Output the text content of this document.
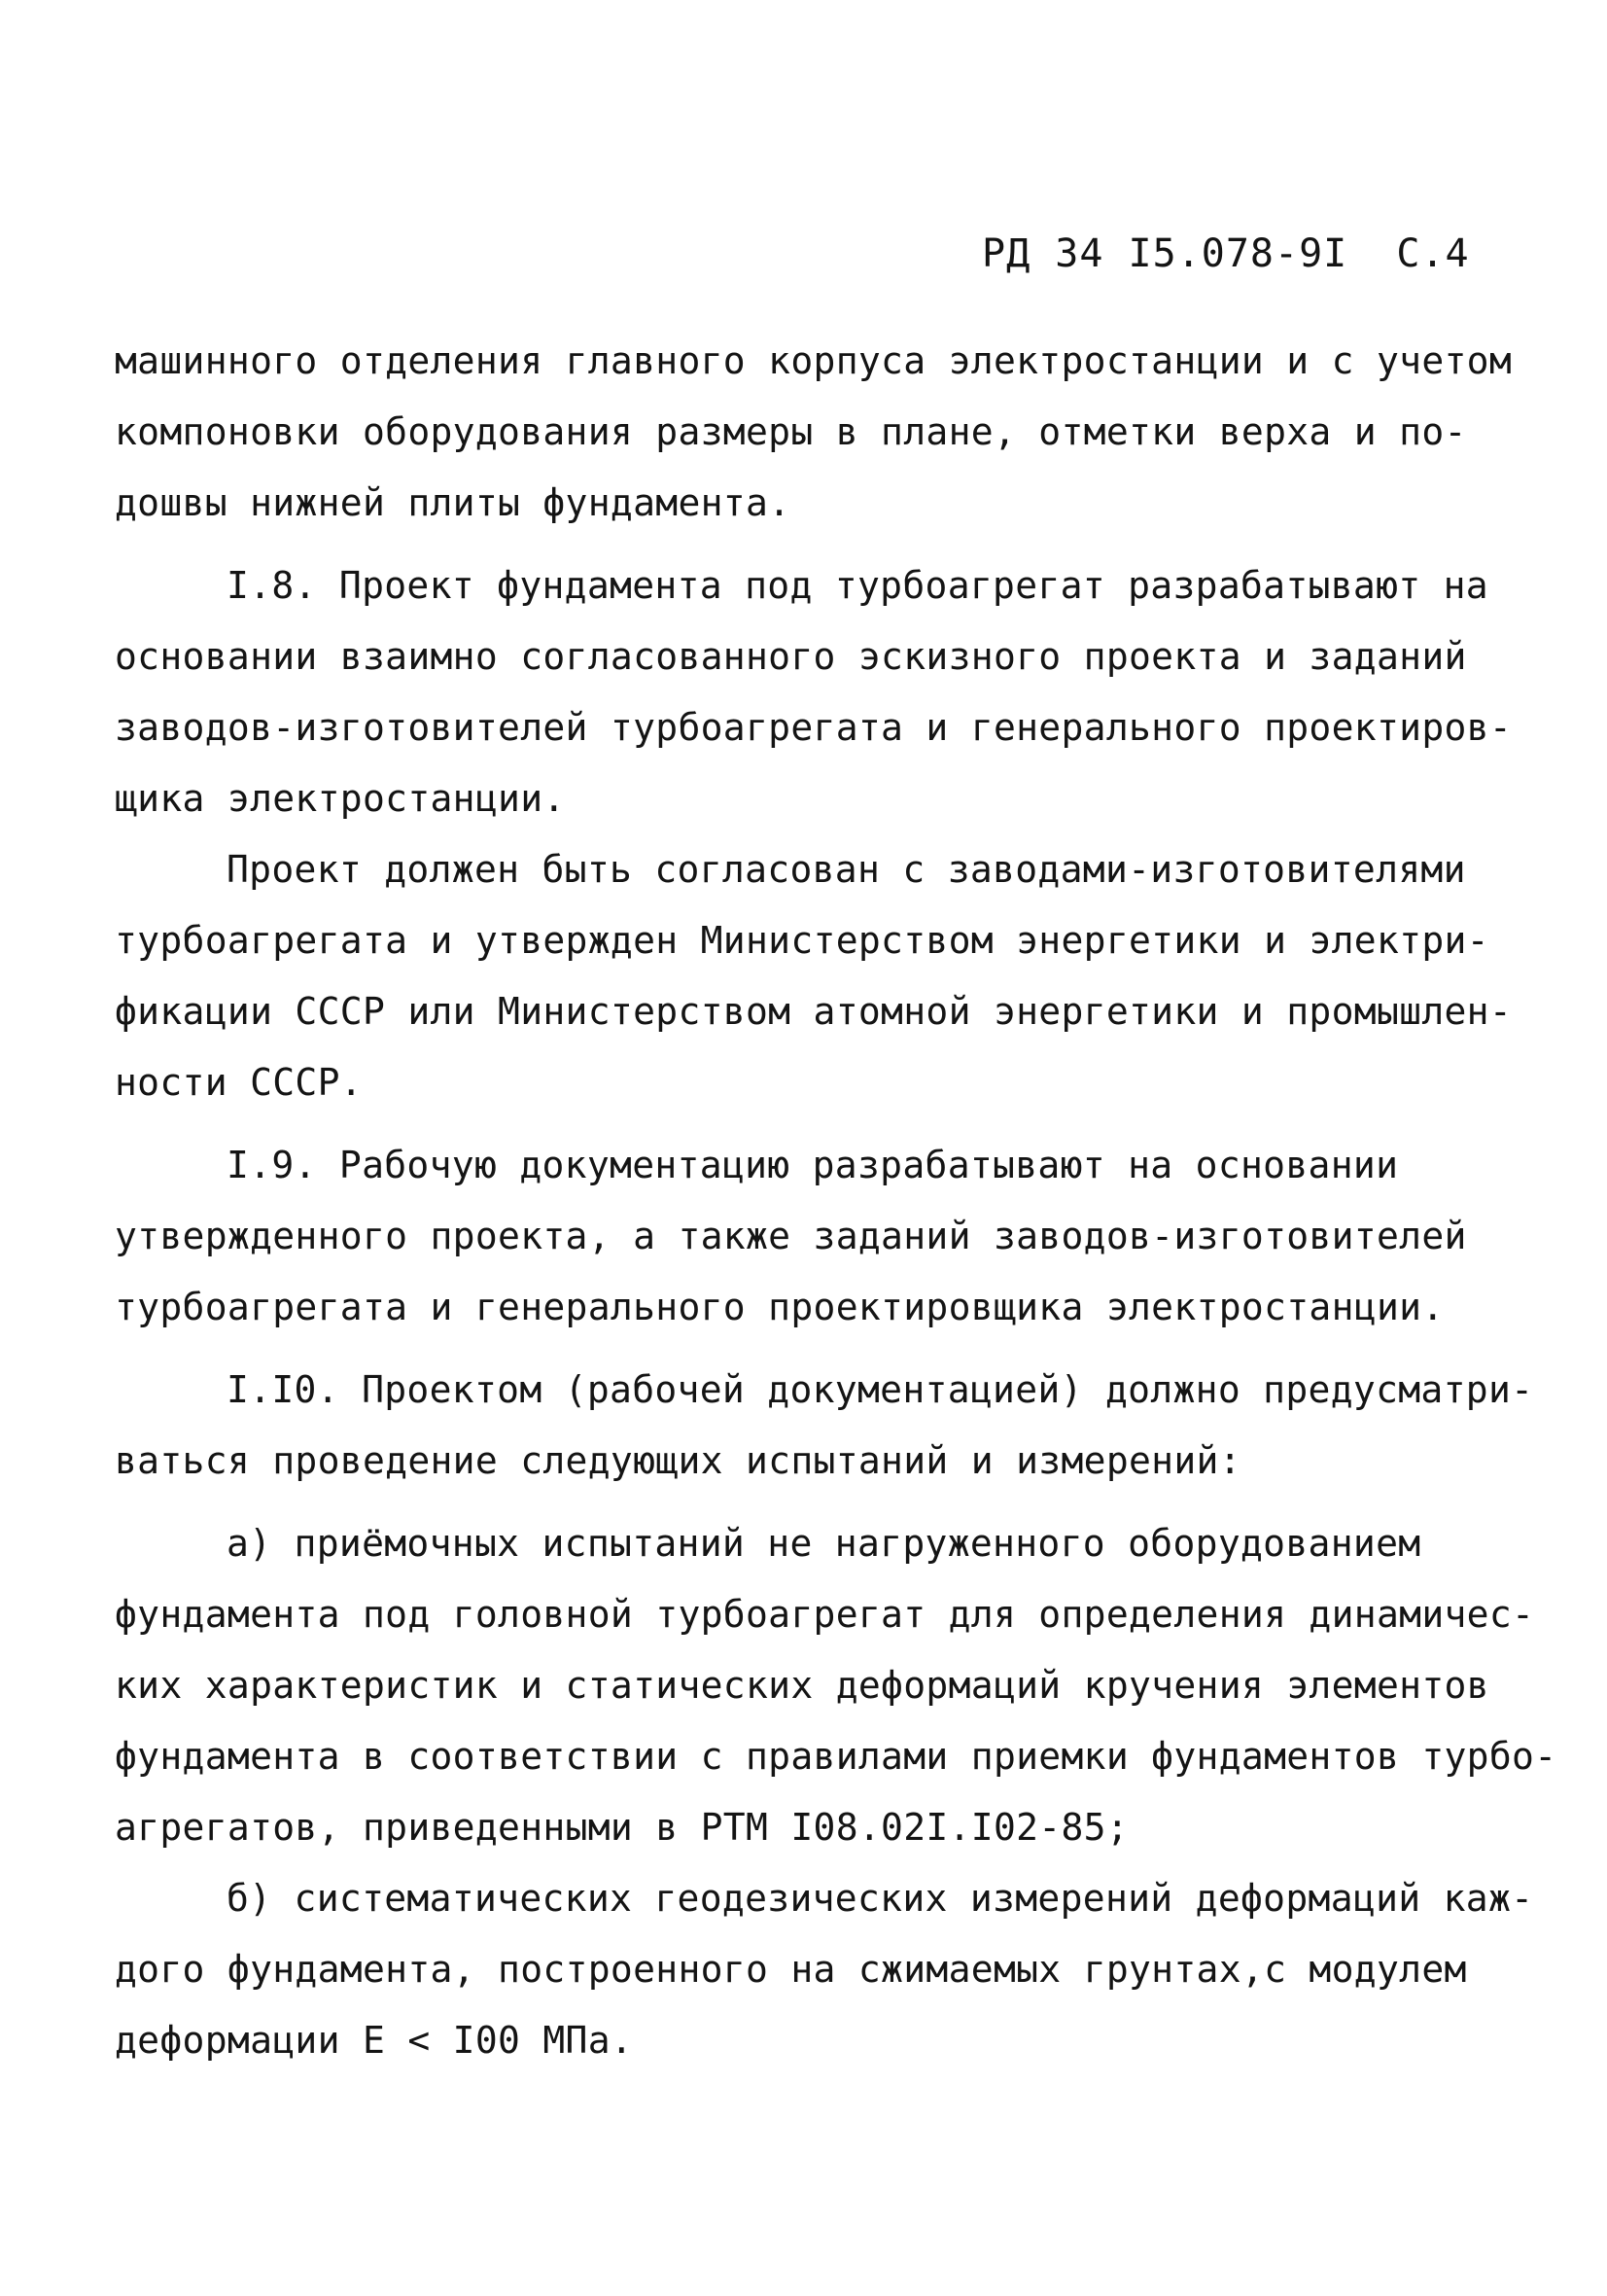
РД 34 I5.078-9I  С.4
машинного отделения главного корпуса электростанции и с учетом
компоновки оборудования размеры в плане, отметки верха и по-
дошвы нижней плиты фундамента.
I.8. Проект фундамента под турбоагрегат разрабатывают на
основании взаимно согласованного эскизного проекта и заданий
заводов-изготовителей турбоагрегата и генерального проектиров-
щика электростанции.
Проект должен быть согласован с заводами-изготовителями
турбоагрегата и утвержден Министерством энергетики и электри-
фикации СССР или Министерством атомной энергетики и промышлен-
ности СССР.
I.9. Рабочую документацию разрабатывают на основании
утвержденного проекта, а также заданий заводов-изготовителей
турбоагрегата и генерального проектировщика электростанции.
I.I0. Проектом (рабочей документацией) должно предусматри-
ваться проведение следующих испытаний и измерений:
а) приёмочных испытаний не нагруженного оборудованием
фундамента под головной турбоагрегат для определения динамичес-
ких характеристик и статических деформаций кручения элементов
фундамента в соответствии с правилами приемки фундаментов турбо-
агрегатов, приведенными в РТМ I08.02I.I02-85;
б) систематических геодезических измерений деформаций каж-
дого фундамента, построенного на сжимаемых грунтах,с модулем
деформации Е < I00 МПа.
